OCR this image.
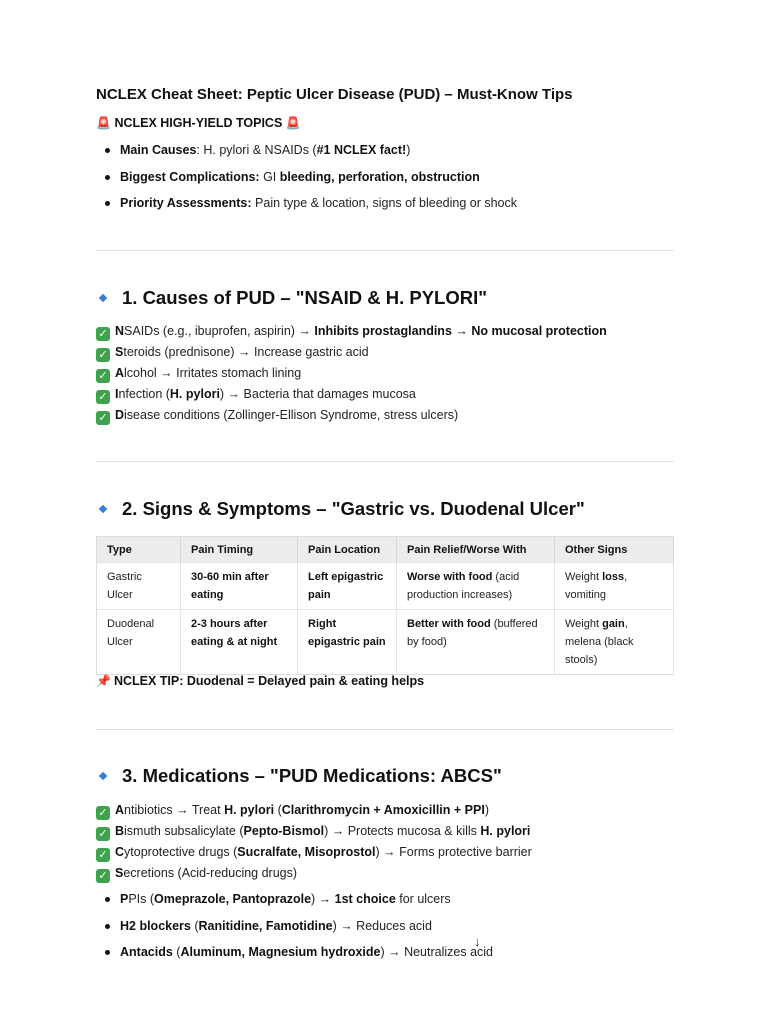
NCLEX Cheat Sheet: Peptic Ulcer Disease (PUD) – Must-Know Tips
🚨 NCLEX HIGH-YIELD TOPICS 🚨
Main Causes: H. pylori & NSAIDs (#1 NCLEX fact!)
Biggest Complications: GI bleeding, perforation, obstruction
Priority Assessments: Pain type & location, signs of bleeding or shock
1. Causes of PUD – "NSAID & H. PYLORI"
✓ NSAIDs (e.g., ibuprofen, aspirin) → Inhibits prostaglandins → No mucosal protection
✓ Steroids (prednisone) → Increase gastric acid
✓ Alcohol → Irritates stomach lining
✓ Infection (H. pylori) → Bacteria that damages mucosa
✓ Disease conditions (Zollinger-Ellison Syndrome, stress ulcers)
2. Signs & Symptoms – "Gastric vs. Duodenal Ulcer"
Type	Pain Timing	Pain Location	Pain Relief/Worse With	Other Signs
Gastric Ulcer	30-60 min after eating	Left epigastric pain	Worse with food (acid production increases)	Weight loss, vomiting
Duodenal Ulcer	2-3 hours after eating & at night	Right epigastric pain	Better with food (buffered by food)	Weight gain, melena (black stools)
📌 NCLEX TIP: Duodenal = Delayed pain & eating helps
3. Medications – "PUD Medications: ABCS"
✓ Antibiotics → Treat H. pylori (Clarithromycin + Amoxicillin + PPI)
✓ Bismuth subsalicylate (Pepto-Bismol) → Protects mucosa & kills H. pylori
✓ Cytoprotective drugs (Sucralfate, Misoprostol) → Forms protective barrier
✓ Secretions (Acid-reducing drugs)
PPIs (Omeprazole, Pantoprazole) → 1st choice for ulcers
H2 blockers (Ranitidine, Famotidine) → Reduces acid
Antacids (Aluminum, Magnesium hydroxide) → Neutralizes acid
↓
